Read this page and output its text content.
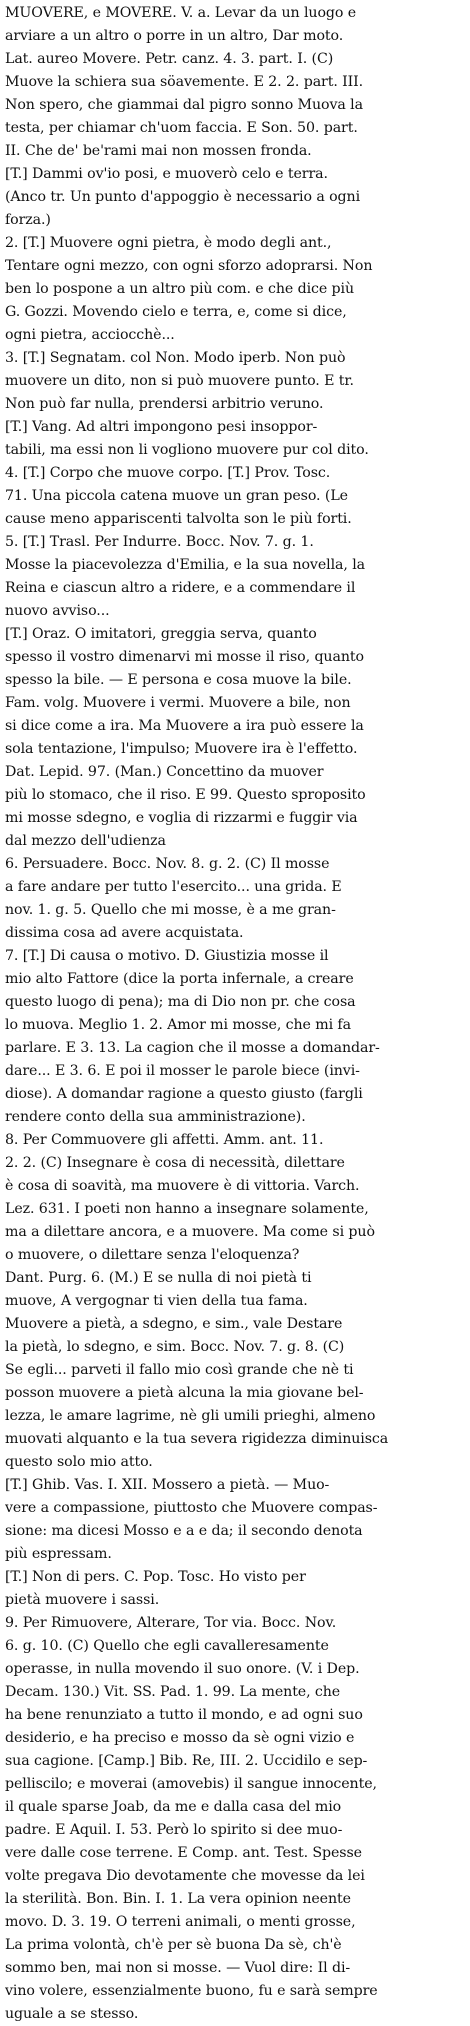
MUOVERE, e MOVERE. V. a. Levar da un luogo e
arviare a un altro o porre in un altro, Dar moto.
Lat. aureo Movere. Petr. canz. 4. 3. part. I. (C)
Muove la schiera sua söavemente. E 2. 2. part. III.
Non spero, che giammai dal pigro sonno Muova la
testa, per chiamar ch'uom faccia. E Son. 50. part.
II. Che de' be'rami mai non mossen fronda.
[T.] Dammi ov'io posi, e muoverò celo e terra.
(Anco tr. Un punto d'appoggio è necessario a ogni
forza.)
2. [T.] Muovere ogni pietra, è modo degli ant.,
Tentare ogni mezzo, con ogni sforzo adoprarsi. Non
ben lo pospone a un altro più com. e che dice più
G. Gozzi. Movendo cielo e terra, e, come si dice,
ogni pietra, acciocchè...
3. [T.] Segnatam. col Non. Modo iperb. Non può
muovere un dito, non si può muovere punto. E tr.
Non può far nulla, prendersi arbitrio veruno.
[T.] Vang. Ad altri impongono pesi insoppor-
tabili, ma essi non li vogliono muovere pur col dito.
4. [T.] Corpo che muove corpo. [T.] Prov. Tosc.
71. Una piccola catena muove un gran peso. (Le
cause meno appariscenti talvolta son le più forti.
5. [T.] Trasl. Per Indurre. Bocc. Nov. 7. g. 1.
Mosse la piacevolezza d'Emilia, e la sua novella, la
Reina e ciascun altro a ridere, e a commendare il
nuovo avviso...
[T.] Oraz. O imitatori, greggia serva, quanto
spesso il vostro dimenarvi mi mosse il riso, quanto
spesso la bile. — E persona e cosa muove la bile.
Fam. volg. Muovere i vermi. Muovere a bile, non
si dice come a ira. Ma Muovere a ira può essere la
sola tentazione, l'impulso; Muovere ira è l'effetto.
Dat. Lepid. 97. (Man.) Concettino da muover
più lo stomaco, che il riso. E 99. Questo sproposito
mi mosse sdegno, e voglia di rizzarmi e fuggir via
dal mezzo dell'udienza
6. Persuadere. Bocc. Nov. 8. g. 2. (C) Il mosse
a fare andare per tutto l'esercito... una grida. E
nov. 1. g. 5. Quello che mi mosse, è a me gran-
dissima cosa ad avere acquistata.
7. [T.] Di causa o motivo. D. Giustizia mosse il
mio alto Fattore (dice la porta infernale, a creare
questo luogo di pena); ma di Dio non pr. che cosa
lo muova. Meglio 1. 2. Amor mi mosse, che mi fa
parlare. E 3. 13. La cagion che il mosse a domandar-
dare... E 3. 6. E poi il mosser le parole biece (invi-
diose). A domandar ragione a questo giusto (fargli
rendere conto della sua amministrazione).
8. Per Commuovere gli affetti. Amm. ant. 11.
2. 2. (C) Insegnare è cosa di necessità, dilettare
è cosa di soavità, ma muovere è di vittoria. Varch.
Lez. 631. I poeti non hanno a insegnare solamente,
ma a dilettare ancora, e a muovere. Ma come si può
o muovere, o dilettare senza l'eloquenza?
Dant. Purg. 6. (M.) E se nulla di noi pietà ti
muove, A vergognar ti vien della tua fama.
Muovere a pietà, a sdegno, e sim., vale Destare
la pietà, lo sdegno, e sim. Bocc. Nov. 7. g. 8. (C)
Se egli... parveti il fallo mio così grande che nè ti
posson muovere a pietà alcuna la mia giovane bel-
lezza, le amare lagrime, nè gli umili prieghi, almeno
muovati alquanto e la tua severa rigidezza diminuisca
questo solo mio atto.
[T.] Ghib. Vas. I. XII. Mossero a pietà. — Muo-
vere a compassione, piuttosto che Muovere compas-
sione: ma dicesi Mosso e a e da; il secondo denota
più espressam.
[T.] Non di pers. C. Pop. Tosc. Ho visto per
pietà muovere i sassi.
9. Per Rimuovere, Alterare, Tor via. Bocc. Nov.
6. g. 10. (C) Quello che egli cavalleresamente
operasse, in nulla movendo il suo onore. (V. i Dep.
Decam. 130.) Vit. SS. Pad. 1. 99. La mente, che
ha bene renunziato a tutto il mondo, e ad ogni suo
desiderio, e ha preciso e mosso da sè ogni vizio e
sua cagione. [Camp.] Bib. Re, III. 2. Uccidilo e sep-
pelliscilo; e moverai (amovebis) il sangue innocente,
il quale sparse Joab, da me e dalla casa del mio
padre. E Aquil. I. 53. Però lo spirito si dee muo-
vere dalle cose terrene. E Comp. ant. Test. Spesse
volte pregava Dio devotamente che movesse da lei
la sterilità. Bon. Bin. I. 1. La vera opinion neente
movo. D. 3. 19. O terreni animali, o menti grosse,
La prima volontà, ch'è per sè buona Da sè, ch'è
sommo ben, mai non si mosse. — Vuol dire: Il di-
vino volere, essenzialmente buono, fu e sarà sempre
uguale a se stesso.
